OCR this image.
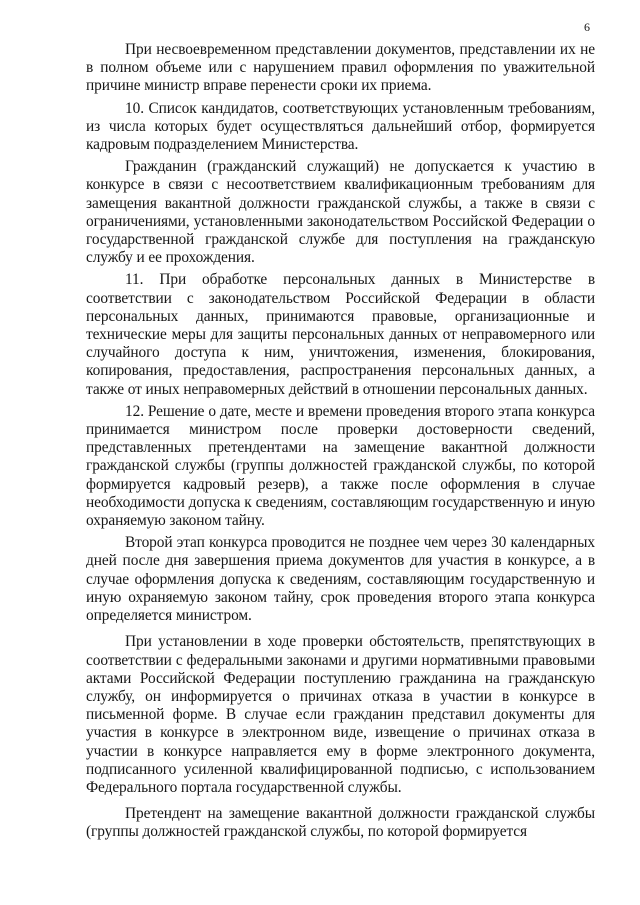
6

При несвоевременном представлении документов, представлении их не в полном объеме или с нарушением правил оформления по уважительной причине министр вправе перенести сроки их приема.

10. Список кандидатов, соответствующих установленным требованиям, из числа которых будет осуществляться дальнейший отбор, формируется кадровым подразделением Министерства.

Гражданин (гражданский служащий) не допускается к участию в конкурсе в связи с несоответствием квалификационным требованиям для замещения вакантной должности гражданской службы, а также в связи с ограничениями, установленными законодательством Российской Федерации о государственной гражданской службе для поступления на гражданскую службу и ее прохождения.

11. При обработке персональных данных в Министерстве в соответствии с законодательством Российской Федерации в области персональных данных, принимаются правовые, организационные и технические меры для защиты персональных данных от неправомерного или случайного доступа к ним, уничтожения, изменения, блокирования, копирования, предоставления, распространения персональных данных, а также от иных неправомерных действий в отношении персональных данных.

12. Решение о дате, месте и времени проведения второго этапа конкурса принимается министром после проверки достоверности сведений, представленных претендентами на замещение вакантной должности гражданской службы (группы должностей гражданской службы, по которой формируется кадровый резерв), а также после оформления в случае необходимости допуска к сведениям, составляющим государственную и иную охраняемую законом тайну.

Второй этап конкурса проводится не позднее чем через 30 календарных дней после дня завершения приема документов для участия в конкурсе, а в случае оформления допуска к сведениям, составляющим государственную и иную охраняемую законом тайну, срок проведения второго этапа конкурса определяется министром.

При установлении в ходе проверки обстоятельств, препятствующих в соответствии с федеральными законами и другими нормативными правовыми актами Российской Федерации поступлению гражданина на гражданскую службу, он информируется о причинах отказа в участии в конкурсе в письменной форме. В случае если гражданин представил документы для участия в конкурсе в электронном виде, извещение о причинах отказа в участии в конкурсе направляется ему в форме электронного документа, подписанного усиленной квалифицированной подписью, с использованием Федерального портала государственной службы.

Претендент на замещение вакантной должности гражданской службы (группы должностей гражданской службы, по которой формируется
